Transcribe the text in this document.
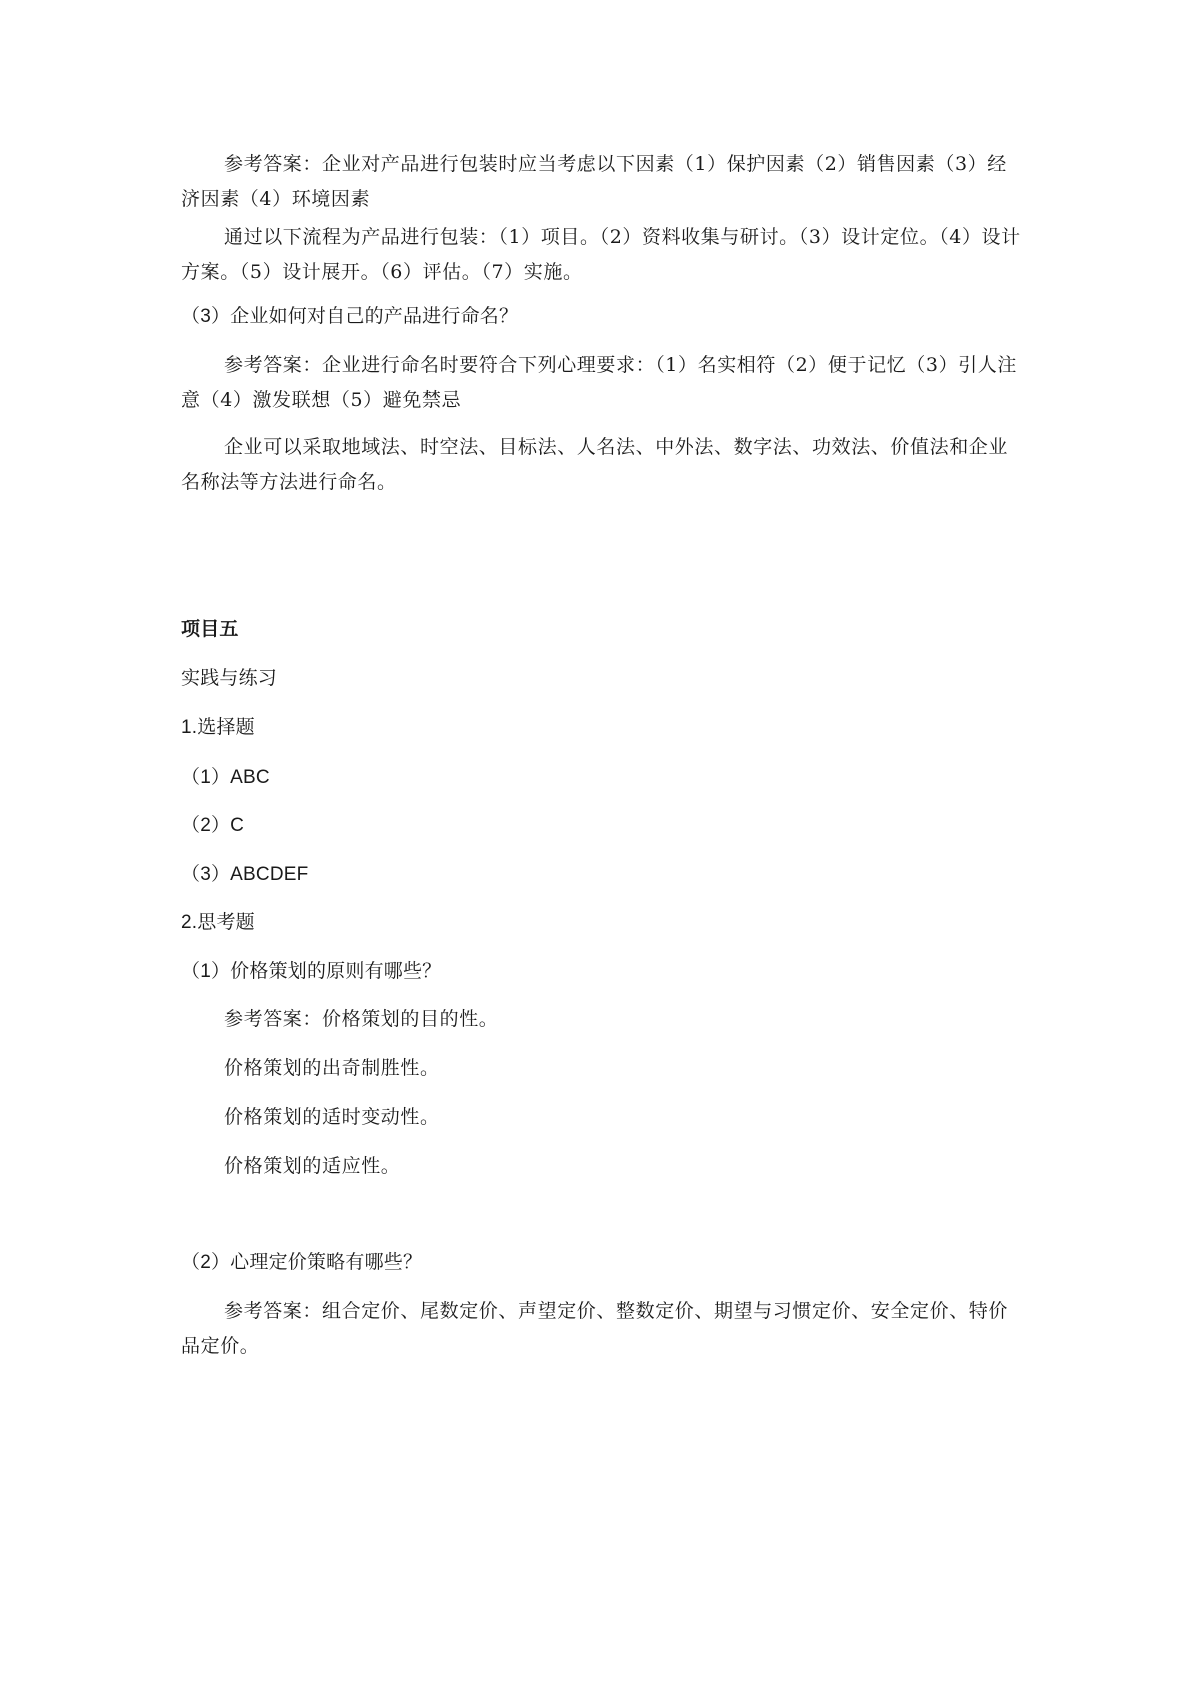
参考答案：企业对产品进行包装时应当考虑以下因素（1）保护因素（2）销售因素（3）经济因素（4）环境因素
通过以下流程为产品进行包装：（1）项目。（2）资料收集与研讨。（3）设计定位。（4）设计方案。（5）设计展开。（6）评估。（7）实施。
（3）企业如何对自己的产品进行命名？
参考答案：企业进行命名时要符合下列心理要求：（1）名实相符（2）便于记忆（3）引人注意（4）激发联想（5）避免禁忌
企业可以采取地域法、时空法、目标法、人名法、中外法、数字法、功效法、价值法和企业名称法等方法进行命名。
项目五
实践与练习
1.选择题
（1）ABC
（2）C
（3）ABCDEF
2.思考题
（1）价格策划的原则有哪些？
参考答案：价格策划的目的性。
价格策划的出奇制胜性。
价格策划的适时变动性。
价格策划的适应性。
（2）心理定价策略有哪些？
参考答案：组合定价、尾数定价、声望定价、整数定价、期望与习惯定价、安全定价、特价品定价。
